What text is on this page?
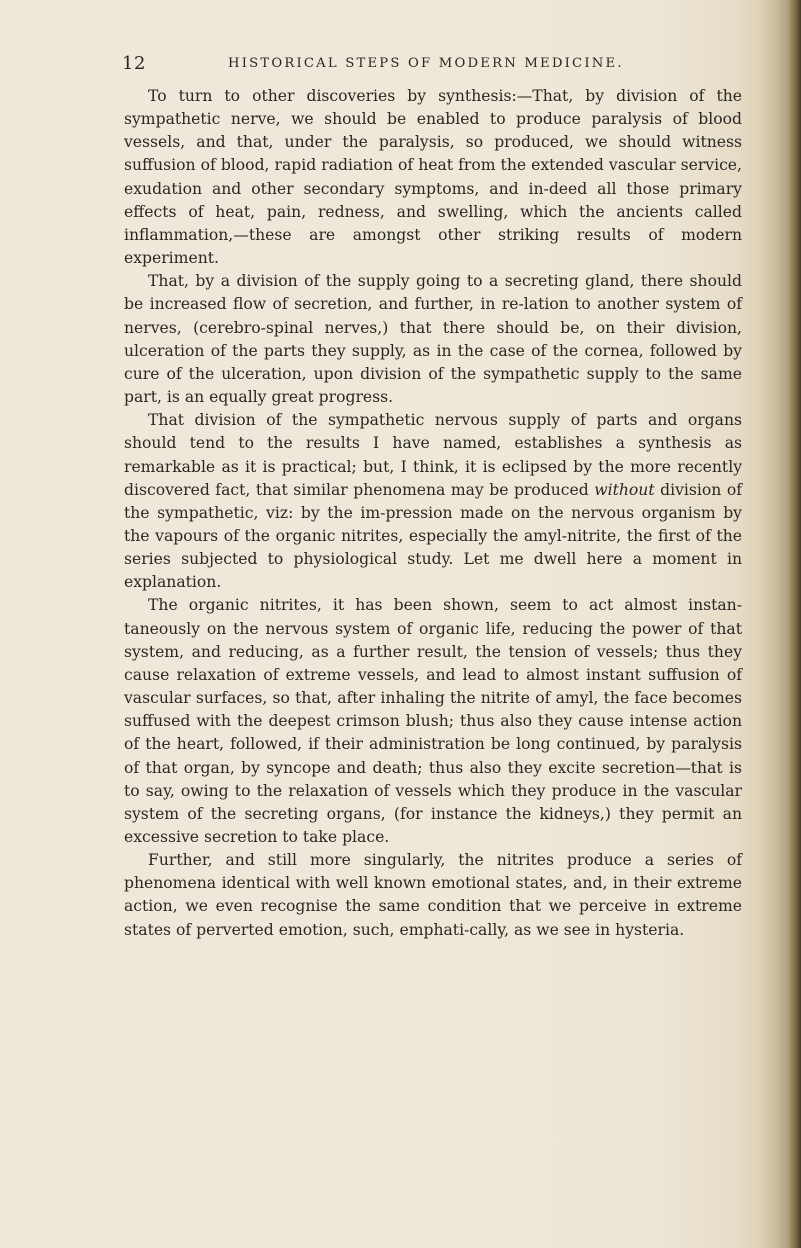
12	HISTORICAL STEPS OF MODERN MEDICINE.

To turn to other discoveries by synthesis:—That, by division of the sympathetic nerve, we should be enabled to produce paralysis of blood vessels, and that, under the paralysis, so produced, we should witness suffusion of blood, rapid radiation of heat from the extended vascular service, exudation and other secondary symptoms, and in-deed all those primary effects of heat, pain, redness, and swelling, which the ancients called inflammation,—these are amongst other striking results of modern experiment.

That, by a division of the supply going to a secreting gland, there should be increased flow of secretion, and further, in re-lation to another system of nerves, (cerebro-spinal nerves,) that there should be, on their division, ulceration of the parts they supply, as in the case of the cornea, followed by cure of the ulceration, upon division of the sympathetic supply to the same part, is an equally great progress.

That division of the sympathetic nervous supply of parts and organs should tend to the results I have named, establishes a synthesis as remarkable as it is practical; but, I think, it is eclipsed by the more recently discovered fact, that similar phenomena may be produced without division of the sympathetic, viz: by the im-pression made on the nervous organism by the vapours of the organic nitrites, especially the amyl-nitrite, the first of the series subjected to physiological study. Let me dwell here a moment in explanation.

The organic nitrites, it has been shown, seem to act almost instan-taneously on the nervous system of organic life, reducing the power of that system, and reducing, as a further result, the tension of vessels; thus they cause relaxation of extreme vessels, and lead to almost instant suffusion of vascular surfaces, so that, after inhaling the nitrite of amyl, the face becomes suffused with the deepest crimson blush; thus also they cause intense action of the heart, followed, if their administration be long continued, by paralysis of that organ, by syncope and death; thus also they excite secretion—that is to say, owing to the relaxation of vessels which they produce in the vascular system of the secreting organs, (for instance the kidneys,) they permit an excessive secretion to take place.

Further, and still more singularly, the nitrites produce a series of phenomena identical with well known emotional states, and, in their extreme action, we even recognise the same condition that we perceive in extreme states of perverted emotion, such, emphati-cally, as we see in hysteria.
